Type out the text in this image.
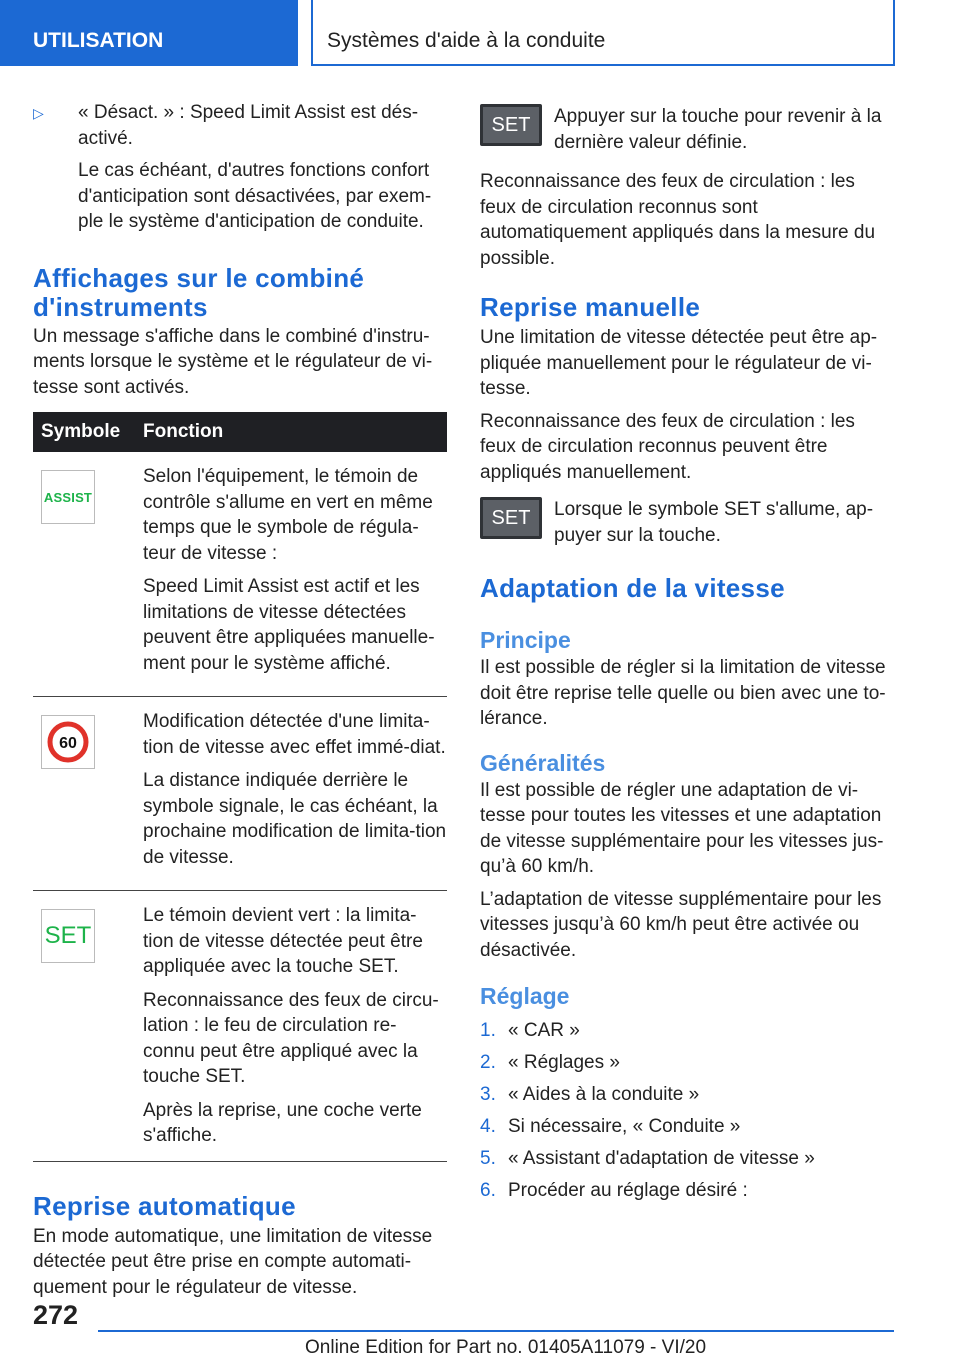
UTILISATION	Systèmes d'aide à la conduite
▷	« Désact. » : Speed Limit Assist est dés-activé.

Le cas échéant, d'autres fonctions confort d'anticipation sont désactivées, par exem-ple le système d'anticipation de conduite.

Affichages sur le combiné d'instruments

Un message s'affiche dans le combiné d'instru-ments lorsque le système et le régulateur de vi-tesse sont activés.

Symbole	Fonction

ASSIST	Selon l'équipement, le témoin de contrôle s'allume en vert en même temps que le symbole de régula-teur de vitesse :

Speed Limit Assist est actif et les limitations de vitesse détectées peuvent être appliquées manuelle-ment pour le système affiché.

60	Modification détectée d'une limita-tion de vitesse avec effet immé-diat.

La distance indiquée derrière le symbole signale, le cas échéant, la prochaine modification de limita-tion de vitesse.

SET	Le témoin devient vert : la limita-tion de vitesse détectée peut être appliquée avec la touche SET.

Reconnaissance des feux de circu-lation : le feu de circulation re-connu peut être appliqué avec la touche SET.

Après la reprise, une coche verte s'affiche.

Reprise automatique

En mode automatique, une limitation de vitesse détectée peut être prise en compte automati-quement pour le régulateur de vitesse.

SET	Appuyer sur la touche pour revenir à la dernière valeur définie.

Reconnaissance des feux de circulation : les feux de circulation reconnus sont automatiquement appliqués dans la mesure du possible.

Reprise manuelle

Une limitation de vitesse détectée peut être ap-pliquée manuellement pour le régulateur de vi-tesse.

Reconnaissance des feux de circulation : les feux de circulation reconnus peuvent être appliqués manuellement.

SET	Lorsque le symbole SET s'allume, ap-puyer sur la touche.

Adaptation de la vitesse
Principe

Il est possible de régler si la limitation de vitesse doit être reprise telle quelle ou bien avec une to-lérance.

Généralités

Il est possible de régler une adaptation de vi-tesse pour toutes les vitesses et une adaptation de vitesse supplémentaire pour les vitesses jus-qu’à 60 km/h.

L’adaptation de vitesse supplémentaire pour les vitesses jusqu’à 60 km/h peut être activée ou désactivée.

Réglage
1. « CAR »
2. « Réglages »
3. « Aides à la conduite »
4. Si nécessaire, « Conduite »
5. « Assistant d'adaptation de vitesse »
6. Procéder au réglage désiré :
272
Online Edition for Part no. 01405A11079 - VI/20
